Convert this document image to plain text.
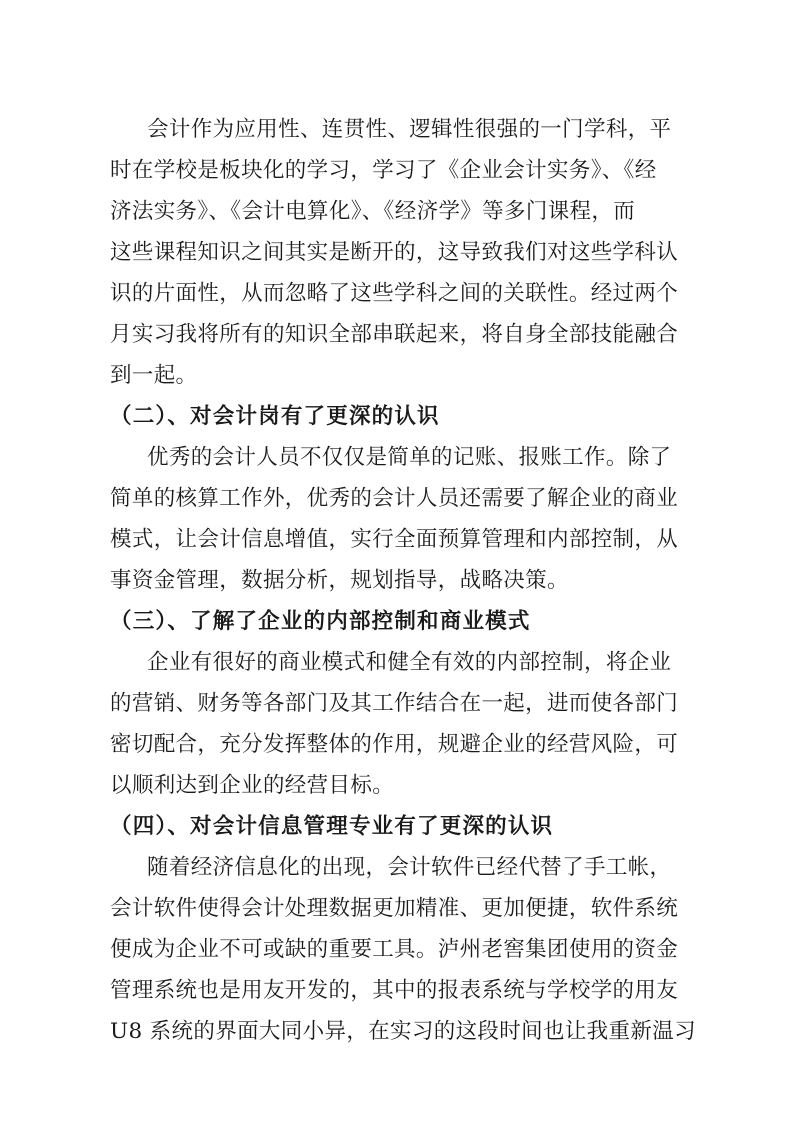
会计作为应用性、连贯性、逻辑性很强的一门学科，平
时在学校是板块化的学习，学习了《企业会计实务》、《经
济法实务》、《会计电算化》、《经济学》等多门课程，而
这些课程知识之间其实是断开的，这导致我们对这些学科认
识的片面性，从而忽略了这些学科之间的关联性。经过两个
月实习我将所有的知识全部串联起来，将自身全部技能融合
到一起。
（二）、对会计岗有了更深的认识
优秀的会计人员不仅仅是简单的记账、报账工作。除了
简单的核算工作外，优秀的会计人员还需要了解企业的商业
模式，让会计信息增值，实行全面预算管理和内部控制，从
事资金管理，数据分析，规划指导，战略决策。
（三）、了解了企业的内部控制和商业模式
企业有很好的商业模式和健全有效的内部控制，将企业
的营销、财务等各部门及其工作结合在一起，进而使各部门
密切配合，充分发挥整体的作用，规避企业的经营风险，可
以顺利达到企业的经营目标。
（四）、对会计信息管理专业有了更深的认识
随着经济信息化的出现，会计软件已经代替了手工帐，
会计软件使得会计处理数据更加精准、更加便捷，软件系统
便成为企业不可或缺的重要工具。泸州老窖集团使用的资金
管理系统也是用友开发的，其中的报表系统与学校学的用友
U8 系统的界面大同小异，在实习的这段时间也让我重新温习
